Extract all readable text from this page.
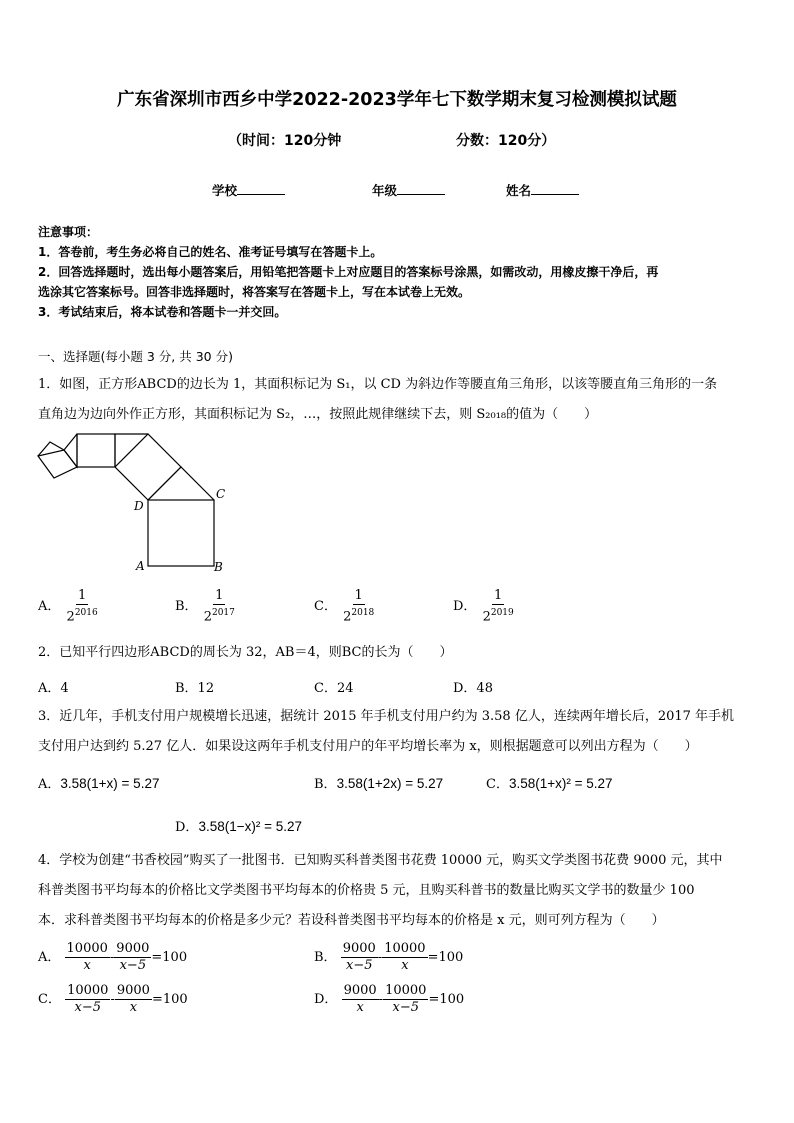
广东省深圳市西乡中学2022-2023学年七下数学期末复习检测模拟试题
（时间：120分钟	分数：120分）
学校	年级	姓名
注意事项：
1．答卷前，考生务必将自己的姓名、准考证号填写在答题卡上。
2．回答选择题时，选出每小题答案后，用铅笔把答题卡上对应题目的答案标号涂黑，如需改动，用橡皮擦干净后，再
选涂其它答案标号。回答非选择题时，将答案写在答题卡上，写在本试卷上无效。
3．考试结束后，将本试卷和答题卡一并交回。
一、选择题(每小题 3 分, 共 30 分)
1．如图，正方形ABCD的边长为 1，其面积标记为 S₁，以 CD 为斜边作等腰直角三角形，以该等腰直角三角形的一条
直角边为边向外作正方形，其面积标记为 S₂，…，按照此规律继续下去，则 S₂₀₁₈的值为（　　）
D
C
A	B
A． $\frac{1}{2^{2016}}$	B． $\frac{1}{2^{2017}}$	C． $\frac{1}{2^{2018}}$	D． $\frac{1}{2^{2019}}$
2．已知平行四边形ABCD的周长为 32，AB＝4，则BC的长为（　　）
A．4	B．12	C．24	D．48
3．近几年，手机支付用户规模增长迅速，据统计 2015 年手机支付用户约为 3.58 亿人，连续两年增长后，2017 年手机
支付用户达到约 5.27 亿人．如果设这两年手机支付用户的年平均增长率为 x，则根据题意可以列出方程为（　　）
A．3.58(1+x) = 5.27	B．3.58(1+2x) = 5.27	C．3.58(1+x)² = 5.27
D．3.58(1−x)² = 5.27
4．学校为创建“书香校园”购买了一批图书．已知购买科普类图书花费 10000 元，购买文学类图书花费 9000 元，其中
科普类图书平均每本的价格比文学类图书平均每本的价格贵 5 元，且购买科普书的数量比购买文学书的数量少 100
本．求科普类图书平均每本的价格是多少元？若设科普类图书平均每本的价格是 x 元，则可列方程为（　　）
A． $\frac{10000}{x} - \frac{9000}{x-5} =100$	B． $\frac{9000}{x-5} - \frac{10000}{x} =100$
C． $\frac{10000}{x-5} - \frac{9000}{x} =100$	D． $\frac{9000}{x} - \frac{10000}{x-5} =100$
